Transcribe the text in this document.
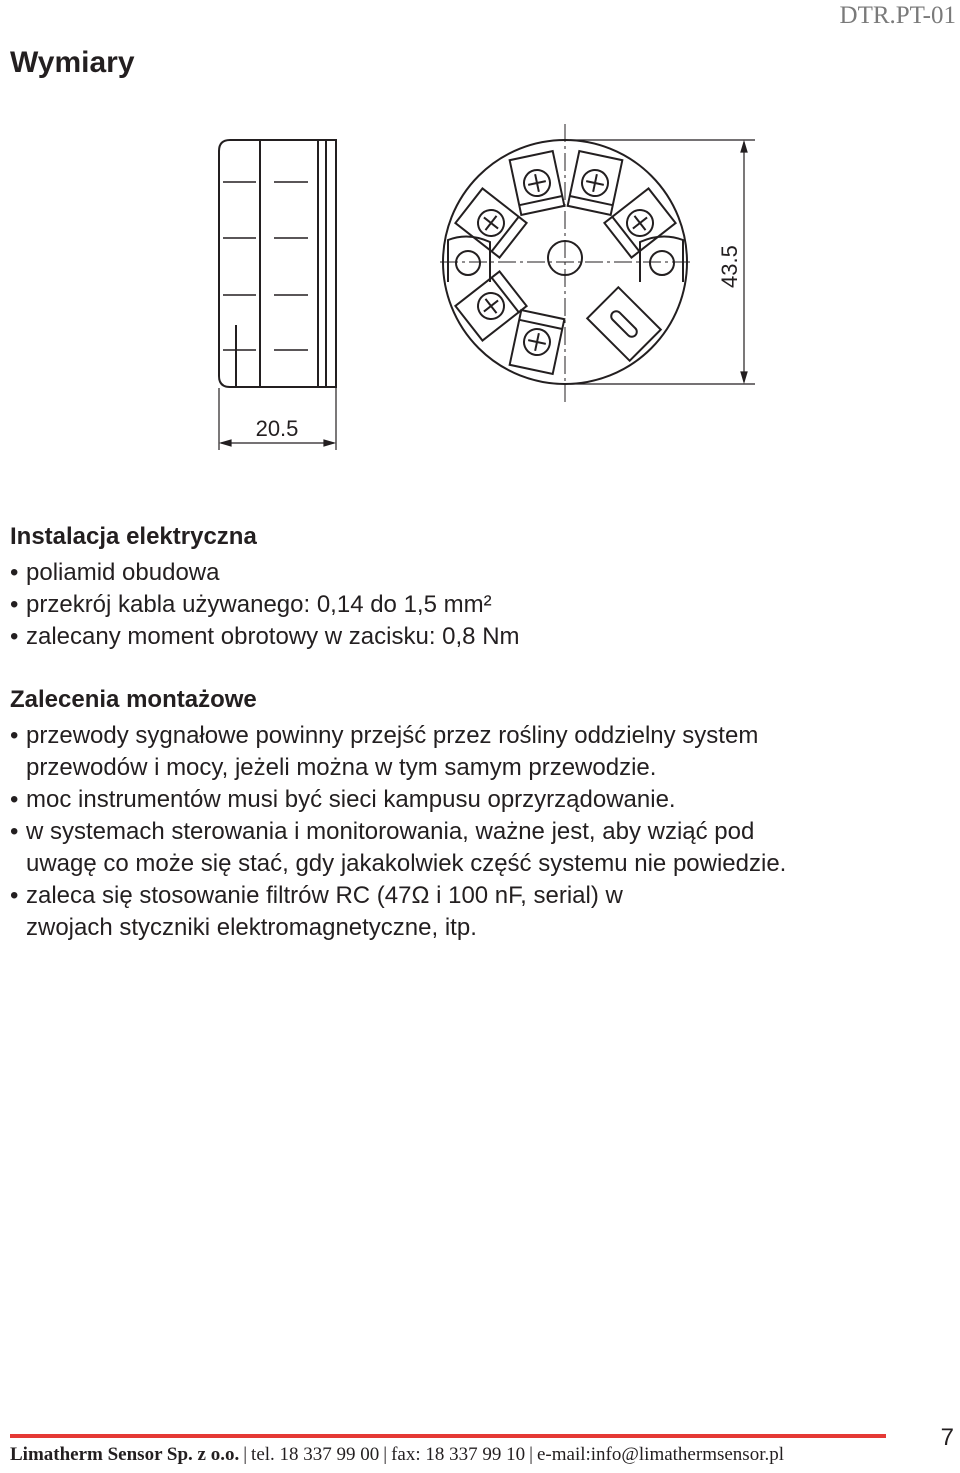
DTR.PT-01
Wymiary
20.5
43.5
Instalacja elektryczna
• poliamid obudowa
• przekrój kabla używanego: 0,14 do 1,5 mm²
• zalecany moment obrotowy w zacisku: 0,8 Nm
Zalecenia montażowe
• przewody sygnałowe powinny przejść przez rośliny oddzielny system przewodów i mocy, jeżeli można w tym samym przewodzie.
• moc instrumentów musi być sieci kampusu oprzyrządowanie.
• w systemach sterowania i monitorowania, ważne jest, aby wziąć pod uwagę co może się stać, gdy jakakolwiek część systemu nie powiedzie.
• zaleca się stosowanie filtrów RC (47Ω i 100 nF, serial) w zwojach styczniki elektromagnetyczne, itp.
Limatherm Sensor Sp. z o.o. | tel. 18 337 99 00 | fax: 18 337 99 10 | e-mail:info@limathermsensor.pl
7
